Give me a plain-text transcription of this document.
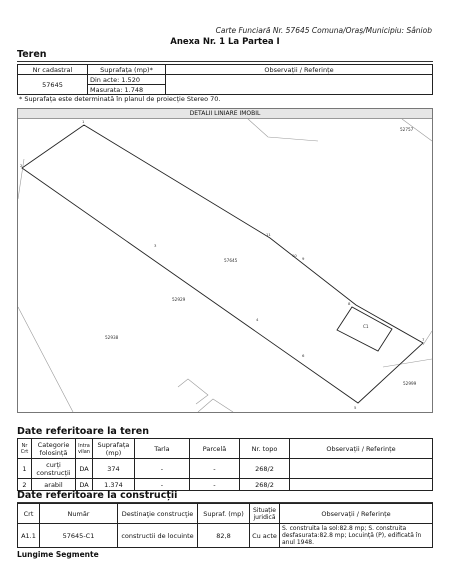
Carte Funciară Nr. 57645 Comuna/Oraș/Municipiu: Sâniob
Anexa Nr. 1 La Partea I
Teren
Nr cadastral	Suprafața (mp)*	Observații / Referințe
57645	Din acte: 1.520	
	Masurata: 1.748	
* Suprafața este determinată în planul de proiecție Stereo 70.
DETALII LINIARE IMOBIL
1
2
3
4
5
6
7
8
9
10
11
57645
52929
52938
52757
52999
C1
Date referitoare la teren
Nr Crt	Categorie folosință	Intra vilan	Suprafața (mp)	Tarla	Parcelă	Nr. topo	Observații / Referințe
1	curți construcții	DA	374	-	-	268/2	
2	arabil	DA	1.374	-	-	268/2	
Date referitoare la construcții
Crt	Număr	Destinaţie construcţie	Supraf. (mp)	Situație juridică	Observații / Referințe
A1.1	57645-C1	constructii de locuinte	82,8	Cu acte	S. construita la sol:82.8 mp; S. construita desfasurata:82.8 mp; Locuință (P), edificată în anul 1948.
Lungime Segmente
